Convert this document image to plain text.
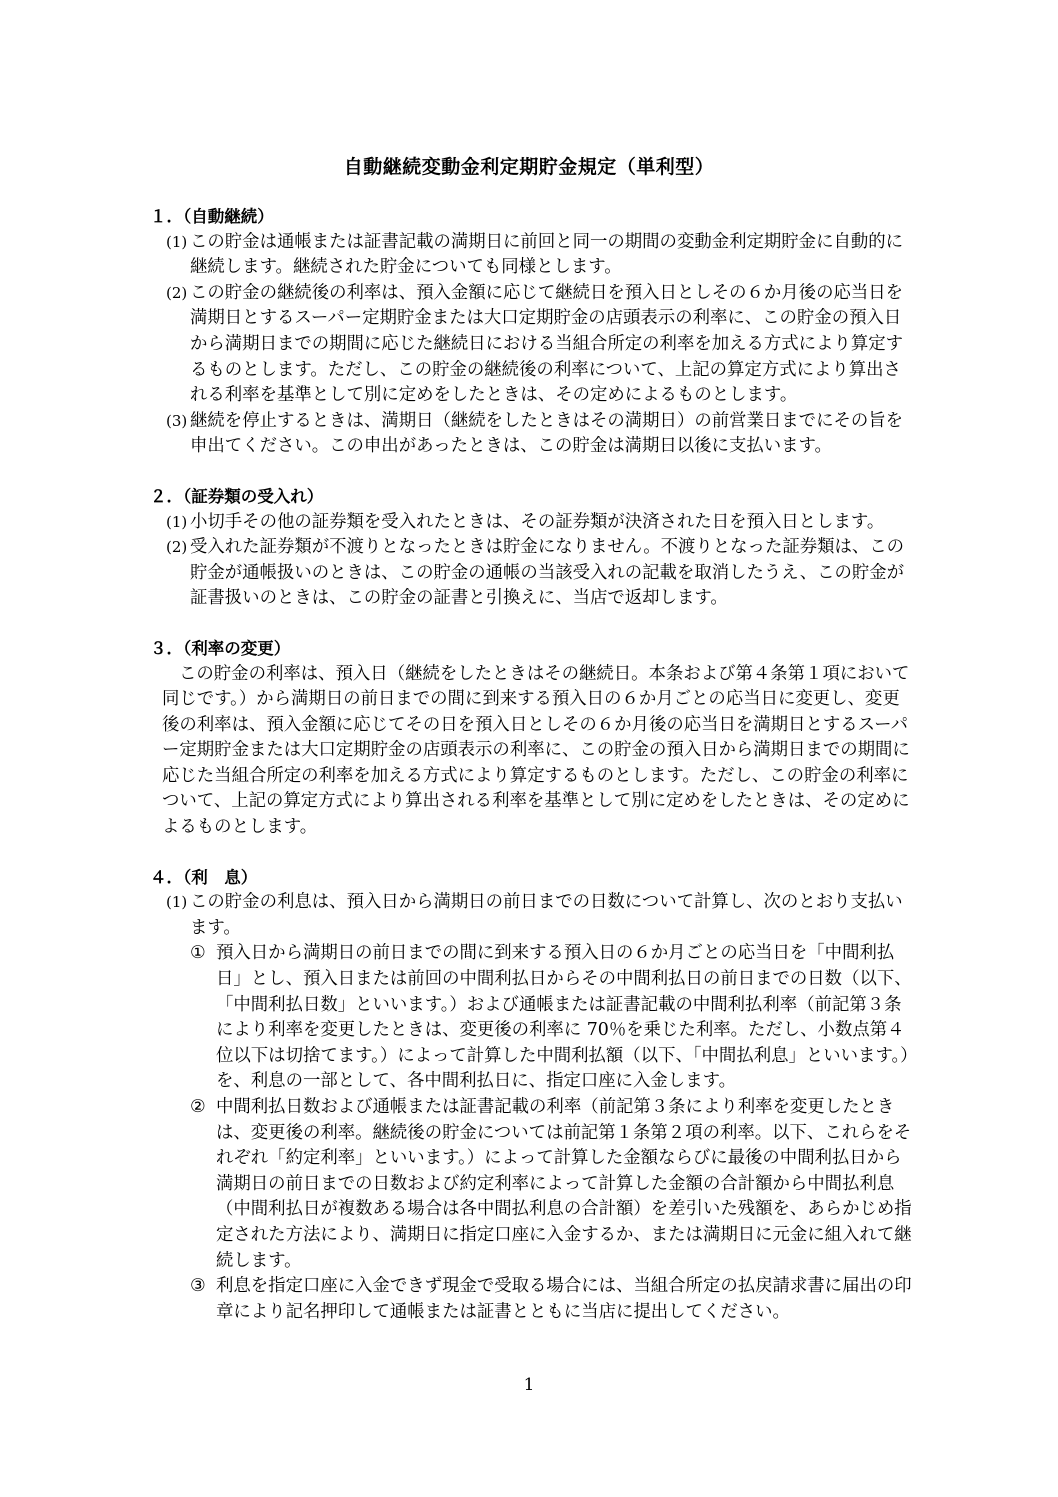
自動継続変動金利定期貯金規定（単利型）
１．（自動継続）
(1) この貯金は通帳または証書記載の満期日に前回と同一の期間の変動金利定期貯金に自動的に継続します。継続された貯金についても同様とします。
(2) この貯金の継続後の利率は、預入金額に応じて継続日を預入日としその６か月後の応当日を満期日とするスーパー定期貯金または大口定期貯金の店頭表示の利率に、この貯金の預入日から満期日までの期間に応じた継続日における当組合所定の利率を加える方式により算定するものとします。ただし、この貯金の継続後の利率について、上記の算定方式により算出される利率を基準として別に定めをしたときは、その定めによるものとします。
(3) 継続を停止するときは、満期日（継続をしたときはその満期日）の前営業日までにその旨を申出てください。この申出があったときは、この貯金は満期日以後に支払います。
２．（証券類の受入れ）
(1) 小切手その他の証券類を受入れたときは、その証券類が決済された日を預入日とします。
(2) 受入れた証券類が不渡りとなったときは貯金になりません。不渡りとなった証券類は、この貯金が通帳扱いのときは、この貯金の通帳の当該受入れの記載を取消したうえ、この貯金が証書扱いのときは、この貯金の証書と引換えに、当店で返却します。
３．（利率の変更）
この貯金の利率は、預入日（継続をしたときはその継続日。本条および第４条第１項において同じです。）から満期日の前日までの間に到来する預入日の６か月ごとの応当日に変更し、変更後の利率は、預入金額に応じてその日を預入日としその６か月後の応当日を満期日とするスーパー定期貯金または大口定期貯金の店頭表示の利率に、この貯金の預入日から満期日までの期間に応じた当組合所定の利率を加える方式により算定するものとします。ただし、この貯金の利率について、上記の算定方式により算出される利率を基準として別に定めをしたときは、その定めによるものとします。
４．（利　息）
(1) この貯金の利息は、預入日から満期日の前日までの日数について計算し、次のとおり支払います。
① 預入日から満期日の前日までの間に到来する預入日の６か月ごとの応当日を「中間利払日」とし、預入日または前回の中間利払日からその中間利払日の前日までの日数（以下、「中間利払日数」といいます。）および通帳または証書記載の中間利払利率（前記第３条により利率を変更したときは、変更後の利率に 70％を乗じた利率。ただし、小数点第４位以下は切捨てます。）によって計算した中間利払額（以下、「中間払利息」といいます。）を、利息の一部として、各中間利払日に、指定口座に入金します。
② 中間利払日数および通帳または証書記載の利率（前記第３条により利率を変更したときは、変更後の利率。継続後の貯金については前記第１条第２項の利率。以下、これらをそれぞれ「約定利率」といいます。）によって計算した金額ならびに最後の中間利払日から満期日の前日までの日数および約定利率によって計算した金額の合計額から中間払利息（中間利払日が複数ある場合は各中間払利息の合計額）を差引いた残額を、あらかじめ指定された方法により、満期日に指定口座に入金するか、または満期日に元金に組入れて継続します。
③ 利息を指定口座に入金できず現金で受取る場合には、当組合所定の払戻請求書に届出の印章により記名押印して通帳または証書とともに当店に提出してください。
1
